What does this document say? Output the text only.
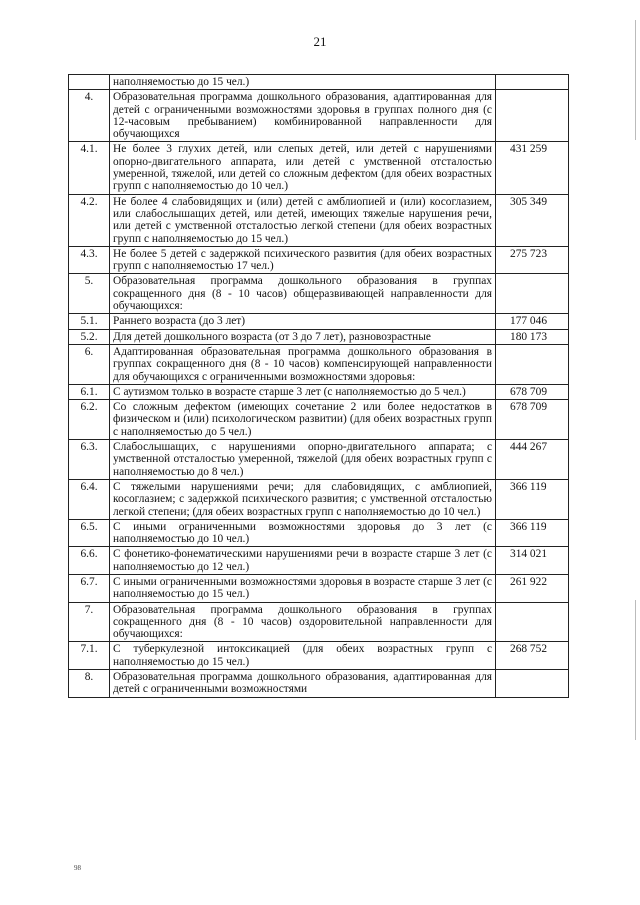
21
	наполняемостью до 15 чел.)	
4.	Образовательная программа дошкольного образования, адаптированная для детей с ограниченными возможностями здоровья в группах полного дня (с 12-часовым пребыванием) комбинированной направленности для обучающихся	
4.1.	Не более 3 глухих детей, или слепых детей, или детей с нарушениями опорно-двигательного аппарата, или детей с умственной отсталостью умеренной, тяжелой, или детей со сложным дефектом (для обеих возрастных групп с наполняемостью до 10 чел.)	431 259
4.2.	Не более 4 слабовидящих и (или) детей с амблиопией и (или) косоглазием, или слабослышащих детей, или детей, имеющих тяжелые нарушения речи, или детей с умственной отсталостью легкой степени (для обеих возрастных групп с наполняемостью до 15 чел.)	305 349
4.3.	Не более 5 детей с задержкой психического развития (для обеих возрастных групп с наполняемостью 17 чел.)	275 723
5.	Образовательная программа дошкольного образования в группах сокращенного дня (8 - 10 часов) общеразвивающей направленности для обучающихся:	
5.1.	Раннего возраста (до 3 лет)	177 046
5.2.	Для детей дошкольного возраста (от 3 до 7 лет), разновозрастные	180 173
6.	Адаптированная образовательная программа дошкольного образования в группах сокращенного дня (8 - 10 часов) компенсирующей направленности для обучающихся с ограниченными возможностями здоровья:	
6.1.	С аутизмом только в возрасте старше 3 лет (с наполняемостью до 5 чел.)	678 709
6.2.	Со сложным дефектом (имеющих сочетание 2 или более недостатков в физическом и (или) психологическом развитии) (для обеих возрастных групп с наполняемостью до 5 чел.)	678 709
6.3.	Слабослышащих, с нарушениями опорно-двигательного аппарата; с умственной отсталостью умеренной, тяжелой (для обеих возрастных групп с наполняемостью до 8 чел.)	444 267
6.4.	С тяжелыми нарушениями речи; для слабовидящих, с амблиопией, косоглазием; с задержкой психического развития; с умственной отсталостью легкой степени; (для обеих возрастных групп с наполняемостью до 10 чел.)	366 119
6.5.	С иными ограниченными возможностями здоровья до 3 лет (с наполняемостью до 10 чел.)	366 119
6.6.	С фонетико-фонематическими нарушениями речи в возрасте старше 3 лет (с наполняемостью до 12 чел.)	314 021
6.7.	С иными ограниченными возможностями здоровья в возрасте старше 3 лет (с наполняемостью до 15 чел.)	261 922
7.	Образовательная программа дошкольного образования в группах сокращенного дня (8 - 10 часов) оздоровительной направленности для обучающихся:	
7.1.	С туберкулезной интоксикацией (для обеих возрастных групп с наполняемостью до 15 чел.)	268 752
8.	Образовательная программа дошкольного образования, адаптированная для детей с ограниченными возможностями	
98
